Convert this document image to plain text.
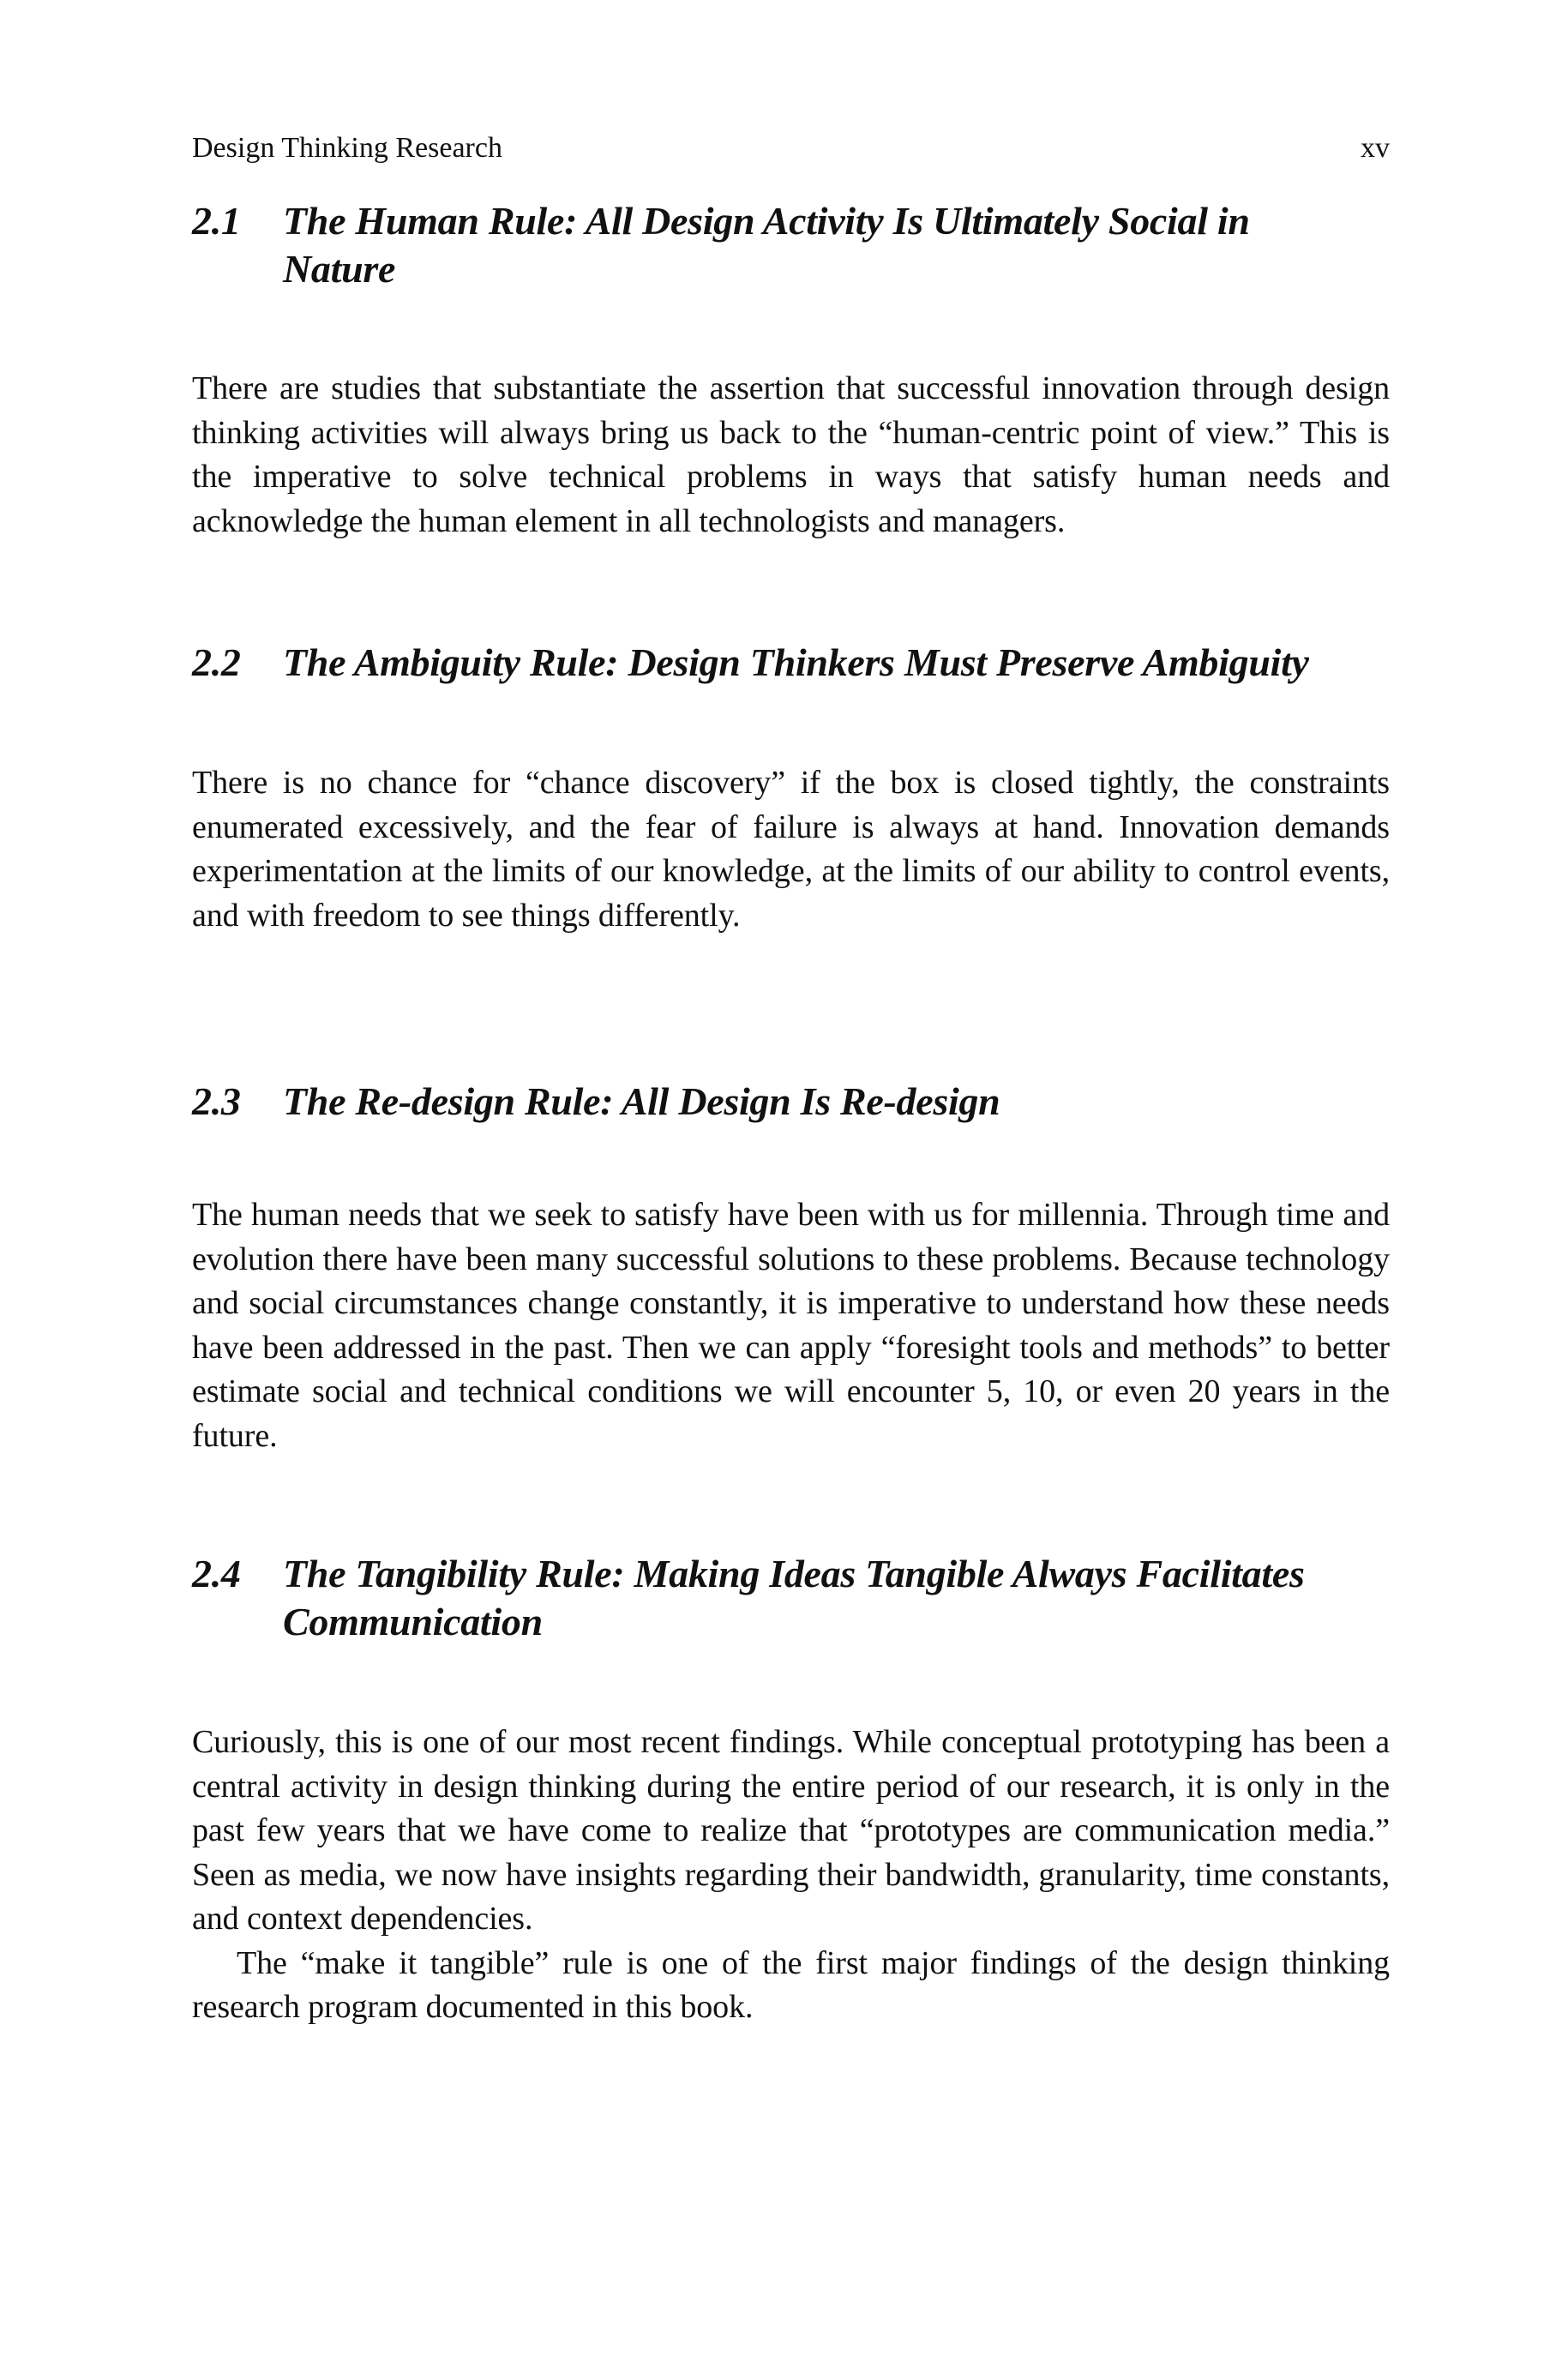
Design Thinking Research	xv
2.1 The Human Rule: All Design Activity Is Ultimately Social in Nature

There are studies that substantiate the assertion that successful innovation through design thinking activities will always bring us back to the “human-centric point of view.” This is the imperative to solve technical problems in ways that satisfy human needs and acknowledge the human element in all technologists and managers.

2.2 The Ambiguity Rule: Design Thinkers Must Preserve Ambiguity

There is no chance for “chance discovery” if the box is closed tightly, the constraints enumerated excessively, and the fear of failure is always at hand. Innovation demands experimentation at the limits of our knowledge, at the limits of our ability to control events, and with freedom to see things differently.

2.3 The Re-design Rule: All Design Is Re-design

The human needs that we seek to satisfy have been with us for millennia. Through time and evolution there have been many successful solutions to these problems. Because technology and social circumstances change constantly, it is imperative to understand how these needs have been addressed in the past. Then we can apply “foresight tools and methods” to better estimate social and technical conditions we will encounter 5, 10, or even 20 years in the future.

2.4 The Tangibility Rule: Making Ideas Tangible Always Facilitates Communication

Curiously, this is one of our most recent findings. While conceptual prototyping has been a central activity in design thinking during the entire period of our research, it is only in the past few years that we have come to realize that “prototypes are communication media.” Seen as media, we now have insights regarding their bandwidth, granularity, time constants, and context dependencies.

The “make it tangible” rule is one of the first major findings of the design thinking research program documented in this book.
